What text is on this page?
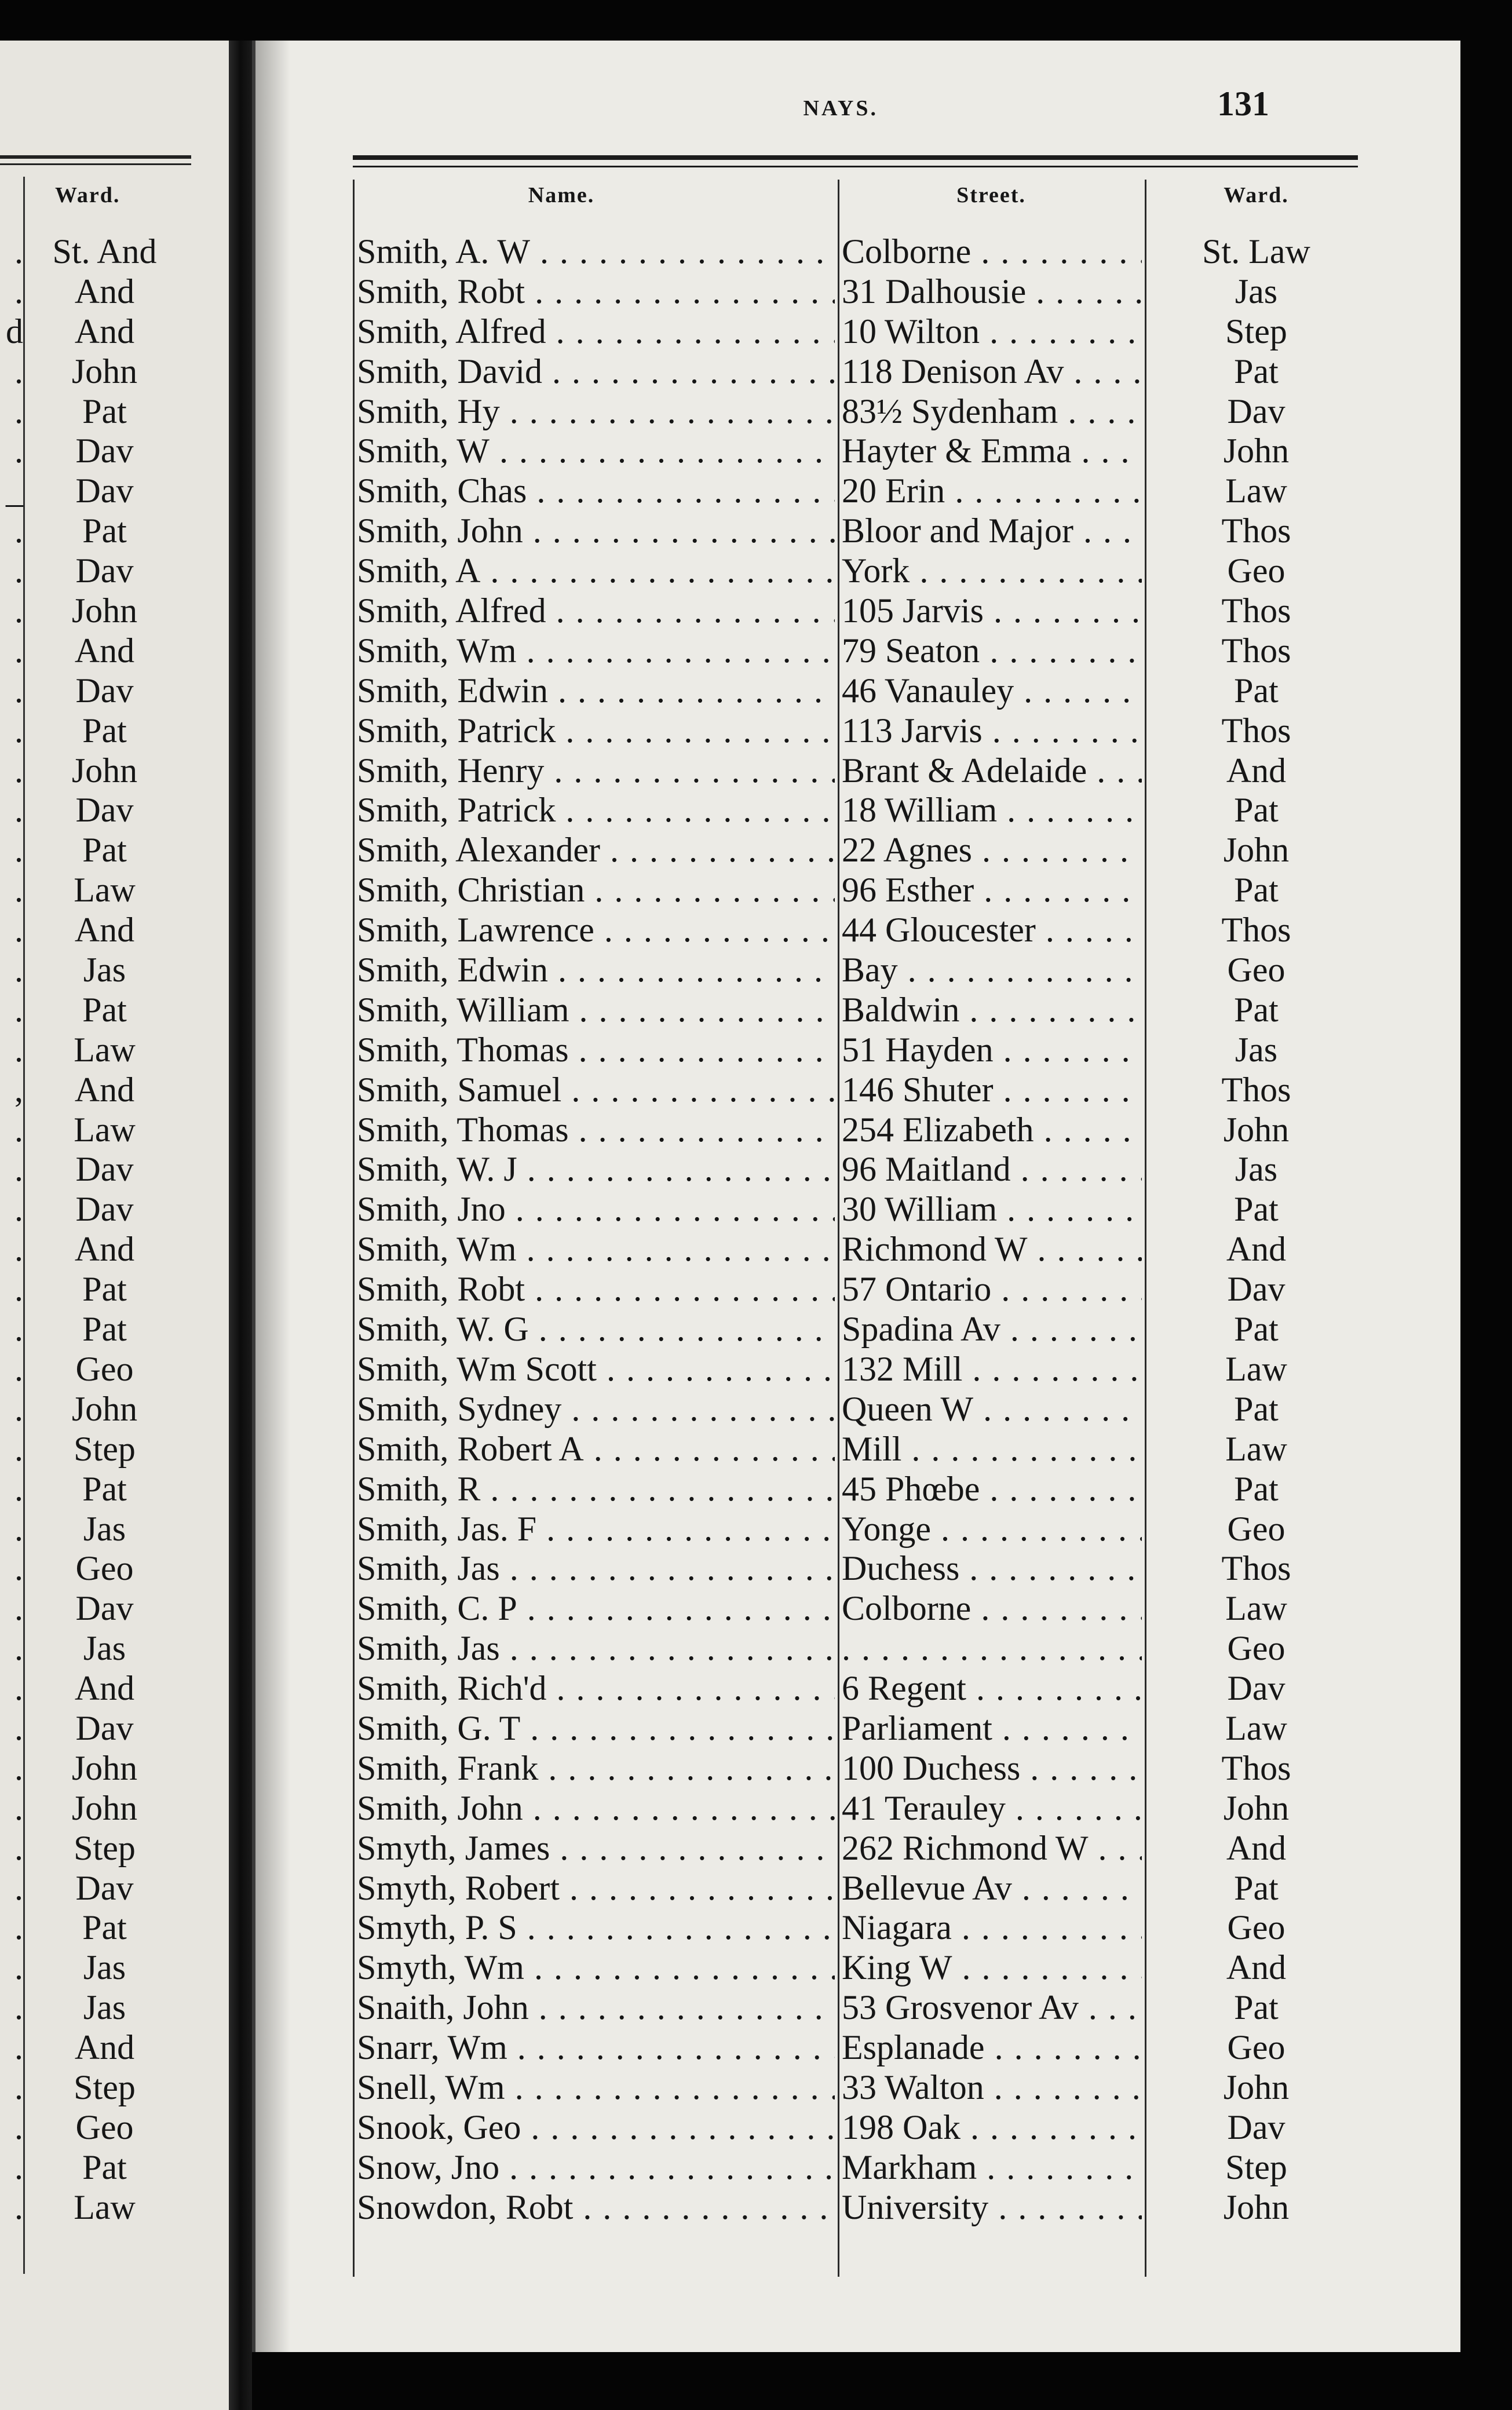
Ward.
. St. And
.	And
d	And
.	John
.	Pat
.	Dav
_	Dav
.	Pat
.	Dav
.	John
.	And
.	Dav
.	Pat
.	John
.	Dav
.	Pat
.	Law
.	And
.	Jas
.	Pat
.	Law
,	And
.	Law
.	Dav
.	Dav
.	And
.	Pat
.	Pat
.	Geo
.	John
.	Step
.	Pat
.	Jas
.	Geo
.	Dav
.	Jas
.	And
.	Dav
.	John
.	John
.	Step
.	Dav
.	Pat
.	Jas
.	Jas
.	And
.	Step
.	Geo
.	Pat
.	Law
NAYS.	131
Name.	Street.	Ward.
Smith, A. W . . .	Colborne . . .	St. Law
Smith, Robt . . .	31 Dalhousie . . .	Jas
Smith, Alfred . . .	10 Wilton . . .	Step
Smith, David . . .	118 Denison Av . . .	Pat
Smith, Hy . . .	83½ Sydenham . . .	Dav
Smith, W . . .	Hayter & Emma . . .	John
Smith, Chas . . .	20 Erin . . .	Law
Smith, John . . .	Bloor and Major . . .	Thos
Smith, A . . .	York . . .	Geo
Smith, Alfred . . .	105 Jarvis . . .	Thos
Smith, Wm . . .	79 Seaton . . .	Thos
Smith, Edwin . . .	46 Vanauley . . .	Pat
Smith, Patrick . . .	113 Jarvis . . .	Thos
Smith, Henry . . .	Brant & Adelaide . . .	And
Smith, Patrick . . .	18 William . . .	Pat
Smith, Alexander . . .	22 Agnes . . .	John
Smith, Christian . . .	96 Esther . . .	Pat
Smith, Lawrence . . .	44 Gloucester . . .	Thos
Smith, Edwin . . .	Bay . . .	Geo
Smith, William . . .	Baldwin . . .	Pat
Smith, Thomas . . .	51 Hayden . . .	Jas
Smith, Samuel . . .	146 Shuter . . .	Thos
Smith, Thomas . . .	254 Elizabeth . . .	John
Smith, W. J . . .	96 Maitland . . .	Jas
Smith, Jno . . .	30 William . . .	Pat
Smith, Wm . . .	Richmond W . . .	And
Smith, Robt . . .	57 Ontario . . .	Dav
Smith, W. G . . .	Spadina Av . . .	Pat
Smith, Wm Scott . . .	132 Mill . . .	Law
Smith, Sydney . . .	Queen W . . .	Pat
Smith, Robert A . . .	Mill . . .	Law
Smith, R . . .	45 Phœbe . . .	Pat
Smith, Jas. F . . .	Yonge . . .	Geo
Smith, Jas . . .	Duchess . . .	Thos
Smith, C. P . . .	Colborne . . .	Law
Smith, Jas . . .
. . .	Geo
Smith, Rich'd . . .	6 Regent . . .	Dav
Smith, G. T . . .	Parliament . . .	Law
Smith, Frank . . .	100 Duchess . . .	Thos
Smith, John . . .	41 Terauley . . .	John
Smyth, James . . .	262 Richmond W . . .	And
Smyth, Robert . . .	Bellevue Av . . .	Pat
Smyth, P. S . . .	Niagara . . .	Geo
Smyth, Wm . . .	King W . . .	And
Snaith, John . . .	53 Grosvenor Av . . .	Pat
Snarr, Wm . . .	Esplanade . . .	Geo
Snell, Wm . . .	33 Walton . . .	John
Snook, Geo . . .	198 Oak . . .	Dav
Snow, Jno . . .	Markham . . .	Step
Snowdon, Robt . . .	University . . .	John
